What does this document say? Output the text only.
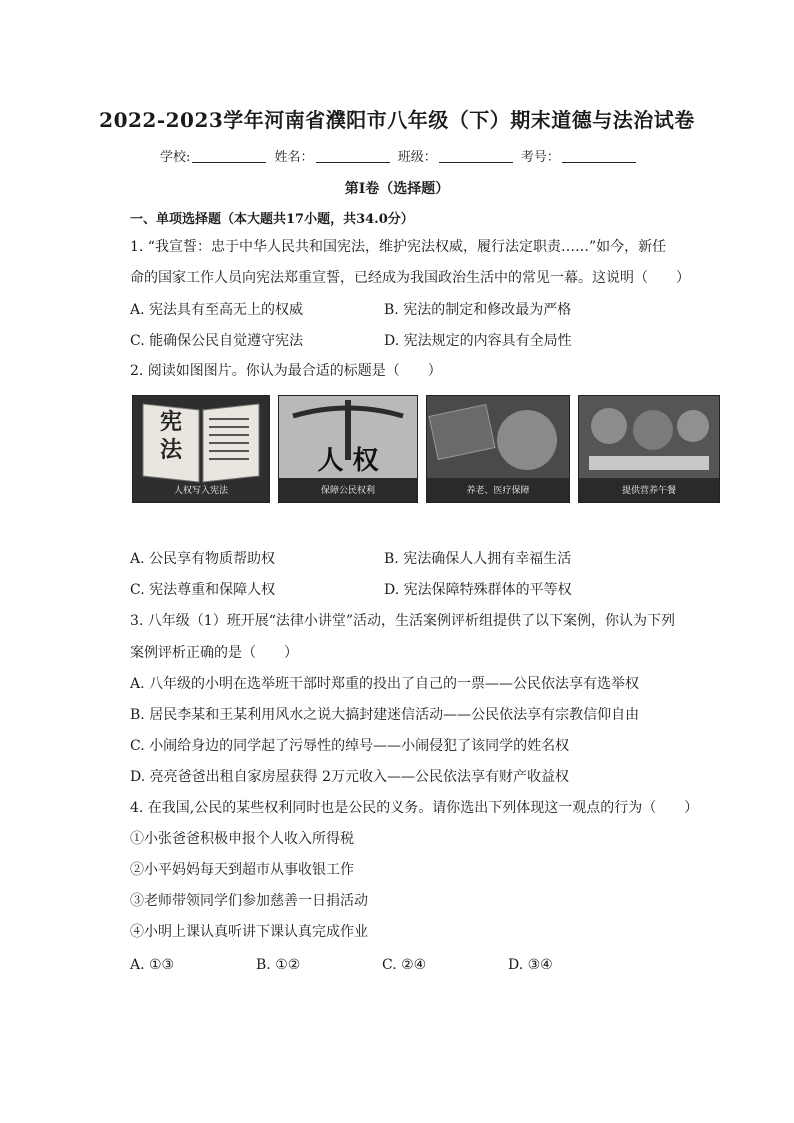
2022-2023学年河南省濮阳市八年级（下）期末道德与法治试卷
学校:	姓名：	班级：	考号：
第I卷（选择题）
一、单项选择题（本大题共17小题，共34.0分）
1. “我宣誓：忠于中华人民共和国宪法，维护宪法权威，履行法定职责……”如今，新任
命的国家工作人员向宪法郑重宣誓，已经成为我国政治生活中的常见一幕。这说明（　　）
A. 宪法具有至高无上的权威	B. 宪法的制定和修改最为严格
C. 能确保公民自觉遵守宪法	D. 宪法规定的内容具有全局性
2. 阅读如图图片。你认为最合适的标题是（　　）
宪 法
人权写入宪法
人 权
保障公民权利	养老、医疗保障	提供营养午餐
A. 公民享有物质帮助权	B. 宪法确保人人拥有幸福生活
C. 宪法尊重和保障人权	D. 宪法保障特殊群体的平等权
3. 八年级（1）班开展“法律小讲堂”活动，生活案例评析组提供了以下案例，你认为下列
案例评析正确的是（　　）
A. 八年级的小明在选举班干部时郑重的投出了自己的一票——公民依法享有选举权
B. 居民李某和王某利用风水之说大搞封建迷信活动——公民依法享有宗教信仰自由
C. 小闹给身边的同学起了污辱性的绰号——小闹侵犯了该同学的姓名权
D. 亮亮爸爸出租自家房屋获得 2万元收入——公民依法享有财产收益权
4. 在我国,公民的某些权利同时也是公民的义务。请你选出下列体现这一观点的行为（　　）
①小张爸爸积极申报个人收入所得税
②小平妈妈每天到超市从事收银工作
③老师带领同学们参加慈善一日捐活动
④小明上课认真听讲下课认真完成作业
A. ①③	B. ①②	C. ②④	D. ③④
